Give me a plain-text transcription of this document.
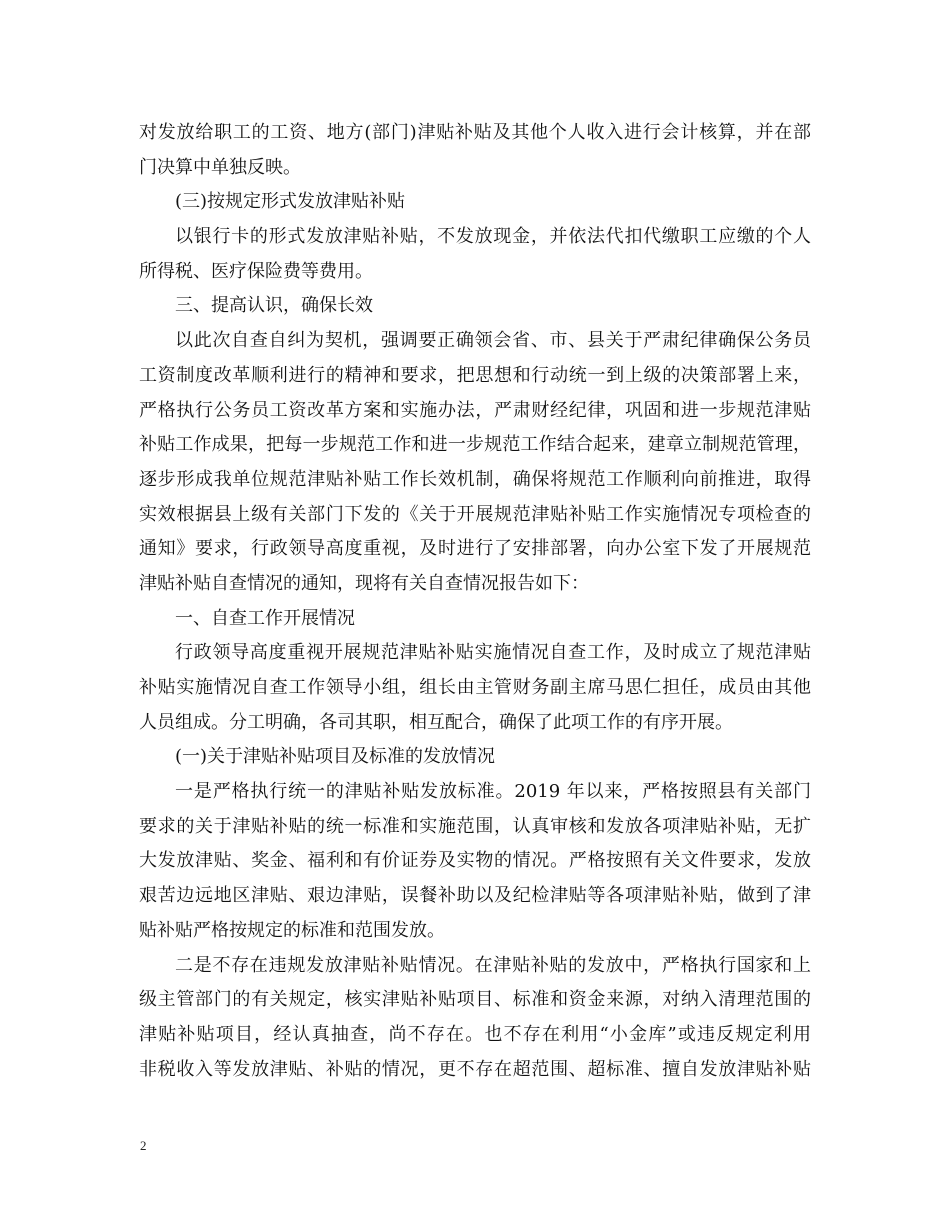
对发放给职工的工资、地方(部门)津贴补贴及其他个人收入进行会计核算，并在部
门决算中单独反映。
(三)按规定形式发放津贴补贴
以银行卡的形式发放津贴补贴，不发放现金，并依法代扣代缴职工应缴的个人
所得税、医疗保险费等费用。
三、提高认识，确保长效
以此次自查自纠为契机，强调要正确领会省、市、县关于严肃纪律确保公务员
工资制度改革顺利进行的精神和要求，把思想和行动统一到上级的决策部署上来，
严格执行公务员工资改革方案和实施办法，严肃财经纪律，巩固和进一步规范津贴
补贴工作成果，把每一步规范工作和进一步规范工作结合起来，建章立制规范管理，
逐步形成我单位规范津贴补贴工作长效机制，确保将规范工作顺利向前推进，取得
实效根据县上级有关部门下发的《关于开展规范津贴补贴工作实施情况专项检查的
通知》要求，行政领导高度重视，及时进行了安排部署，向办公室下发了开展规范
津贴补贴自查情况的通知，现将有关自查情况报告如下：
一、自查工作开展情况
行政领导高度重视开展规范津贴补贴实施情况自查工作，及时成立了规范津贴
补贴实施情况自查工作领导小组，组长由主管财务副主席马思仁担任，成员由其他
人员组成。分工明确，各司其职，相互配合，确保了此项工作的有序开展。
(一)关于津贴补贴项目及标准的发放情况
一是严格执行统一的津贴补贴发放标准。2019 年以来，严格按照县有关部门
要求的关于津贴补贴的统一标准和实施范围，认真审核和发放各项津贴补贴，无扩
大发放津贴、奖金、福利和有价证券及实物的情况。严格按照有关文件要求，发放
艰苦边远地区津贴、艰边津贴，误餐补助以及纪检津贴等各项津贴补贴，做到了津
贴补贴严格按规定的标准和范围发放。
二是不存在违规发放津贴补贴情况。在津贴补贴的发放中，严格执行国家和上
级主管部门的有关规定，核实津贴补贴项目、标准和资金来源，对纳入清理范围的
津贴补贴项目，经认真抽查，尚不存在。也不存在利用“小金库”或违反规定利用
非税收入等发放津贴、补贴的情况，更不存在超范围、超标准、擅自发放津贴补贴
2
